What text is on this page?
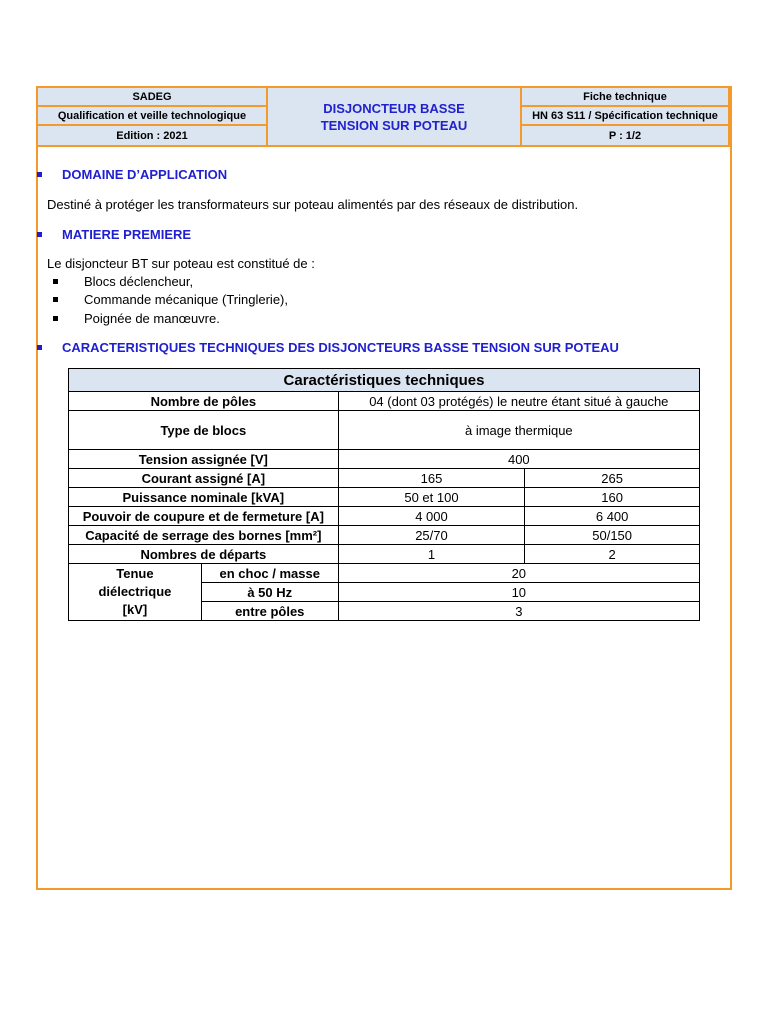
SADEG
Qualification et veille technologique
Edition : 2021
DISJONCTEUR BASSE TENSION SUR POTEAU
Fiche technique
HN 63 S11 / Spécification technique
P : 1/2
DOMAINE D’APPLICATION
Destiné à protéger les transformateurs sur poteau alimentés par des réseaux de distribution.
MATIERE PREMIERE
Le disjoncteur BT sur poteau est constitué de :
Blocs déclencheur,
Commande mécanique (Tringlerie),
Poignée de manœuvre.
CARACTERISTIQUES TECHNIQUES DES DISJONCTEURS BASSE TENSION SUR POTEAU
Caractéristiques techniques			
Nombre de pôles		04 (dont 03 protégés) le neutre étant situé à gauche	
Type de blocs		à image thermique	
Tension assignée [V]		400	
Courant assigné [A]		165	265
Puissance nominale [kVA]		50 et 100	160
Pouvoir de coupure et de fermeture [A]		4 000	6 400
Capacité de serrage des bornes [mm²]		25/70	50/150
Nombres de départs		1	2
Tenue
diélectrique
[kV]	en choc / masse	20	
	à 50 Hz	10	
	entre pôles	3	
